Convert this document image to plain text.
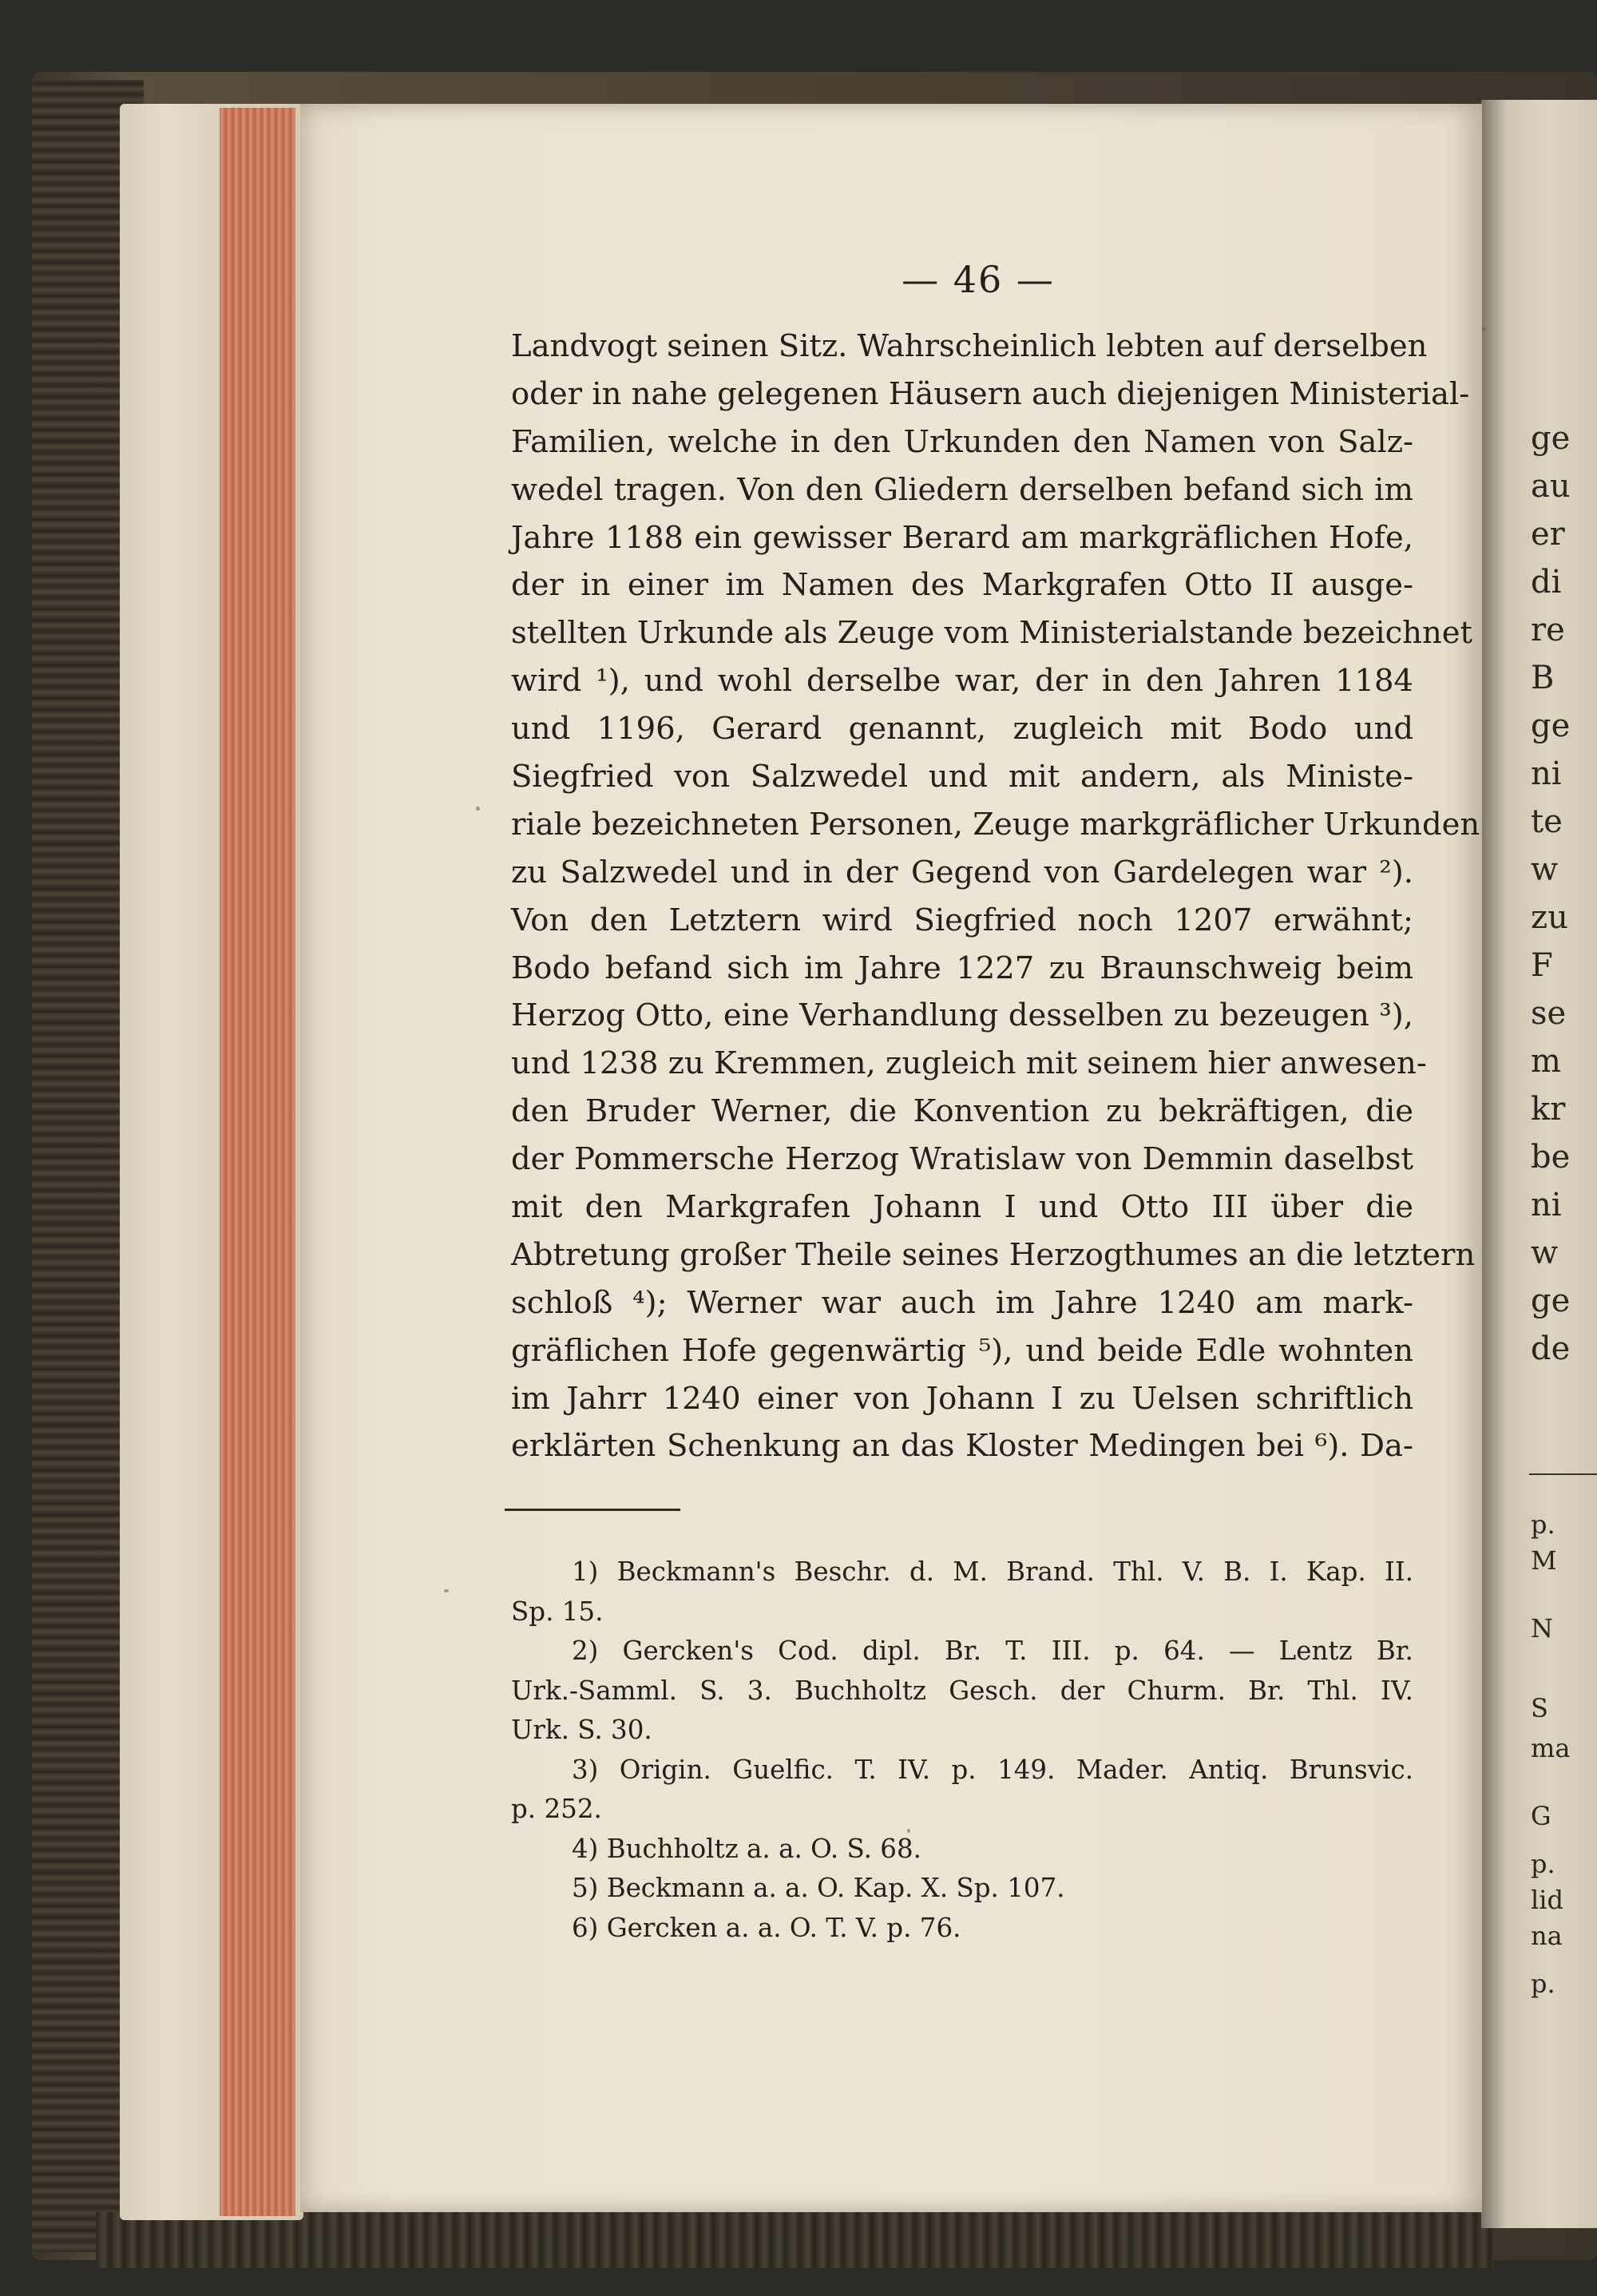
ge

au

er

di

re

B

ge

ni

te

w

zu

F

se

m

kr

be

ni

w

ge

de

p.

M

N

S

ma

G

p.

lid

na

p.

— 46 —
Landvogt seinen Sitz. Wahrscheinlich lebten auf derselben
oder in nahe gelegenen Häusern auch diejenigen Ministerial-
Familien, welche in den Urkunden den Namen von Salz-
wedel tragen. Von den Gliedern derselben befand sich im
Jahre 1188 ein gewisser Berard am markgräflichen Hofe,
der in einer im Namen des Markgrafen Otto II ausge-
stellten Urkunde als Zeuge vom Ministerialstande bezeichnet
wird ¹), und wohl derselbe war, der in den Jahren 1184
und 1196, Gerard genannt, zugleich mit Bodo und
Siegfried von Salzwedel und mit andern, als Ministe-
riale bezeichneten Personen, Zeuge markgräflicher Urkunden
zu Salzwedel und in der Gegend von Gardelegen war ²).
Von den Letztern wird Siegfried noch 1207 erwähnt;
Bodo befand sich im Jahre 1227 zu Braunschweig beim
Herzog Otto, eine Verhandlung desselben zu bezeugen ³),
und 1238 zu Kremmen, zugleich mit seinem hier anwesen-
den Bruder Werner, die Konvention zu bekräftigen, die
der Pommersche Herzog Wratislaw von Demmin daselbst
mit den Markgrafen Johann I und Otto III über die
Abtretung großer Theile seines Herzogthumes an die letztern
schloß ⁴); Werner war auch im Jahre 1240 am mark-
gräflichen Hofe gegenwärtig ⁵), und beide Edle wohnten
im Jahrr 1240 einer von Johann I zu Uelsen schriftlich
erklärten Schenkung an das Kloster Medingen bei ⁶). Da-
1) Beckmann's Beschr. d. M. Brand. Thl. V. B. I. Kap. II.
Sp. 15.
2) Gercken's Cod. dipl. Br. T. III. p. 64. — Lentz Br.
Urk.-Samml. S. 3. Buchholtz Gesch. der Churm. Br. Thl. IV.
Urk. S. 30.
3) Origin. Guelfic. T. IV. p. 149. Mader. Antiq. Brunsvic.
p. 252.
4) Buchholtz a. a. O. S. 68.
5) Beckmann a. a. O. Kap. X. Sp. 107.
6) Gercken a. a. O. T. V. p. 76.
